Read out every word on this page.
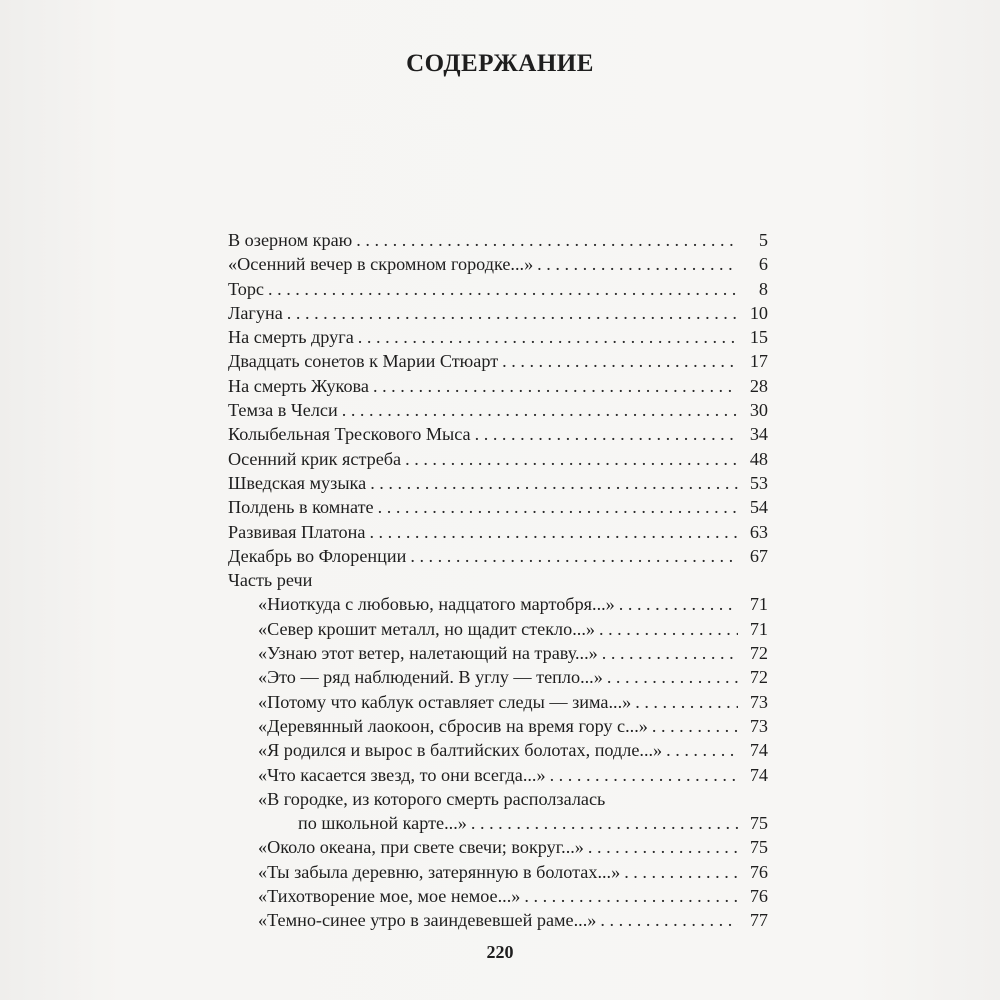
СОДЕРЖАНИЕ
В озерном краю . . .	5
«Осенний вечер в скромном городке...» . . .	6
Торс . . .	8
Лагуна . . .	10
На смерть друга . . .	15
Двадцать сонетов к Марии Стюарт . . .	17
На смерть Жукова . . .	28
Темза в Челси . . .	30
Колыбельная Трескового Мыса . . .	34
Осенний крик ястреба . . .	48
Шведская музыка . . .	53
Полдень в комнате . . .	54
Развивая Платона . . .	63
Декабрь во Флоренции . . .	67
Часть речи
«Ниоткуда с любовью, надцатого мартобря...» . . .	71
«Север крошит металл, но щадит стекло...» . . .	71
«Узнаю этот ветер, налетающий на траву...» . . .	72
«Это — ряд наблюдений. В углу — тепло...» . . .	72
«Потому что каблук оставляет следы — зима...» . . .	73
«Деревянный лаокоон, сбросив на время гору с...» . . .	73
«Я родился и вырос в балтийских болотах, подле...» . . .	74
«Что касается звезд, то они всегда...» . . .	74
«В городке, из которого смерть расползалась
по школьной карте...» . . .	75
«Около океана, при свете свечи; вокруг...» . . .	75
«Ты забыла деревню, затерянную в болотах...» . . .	76
«Тихотворение мое, мое немое...» . . .	76
«Темно-синее утро в заиндевевшей раме...» . . .	77
220
